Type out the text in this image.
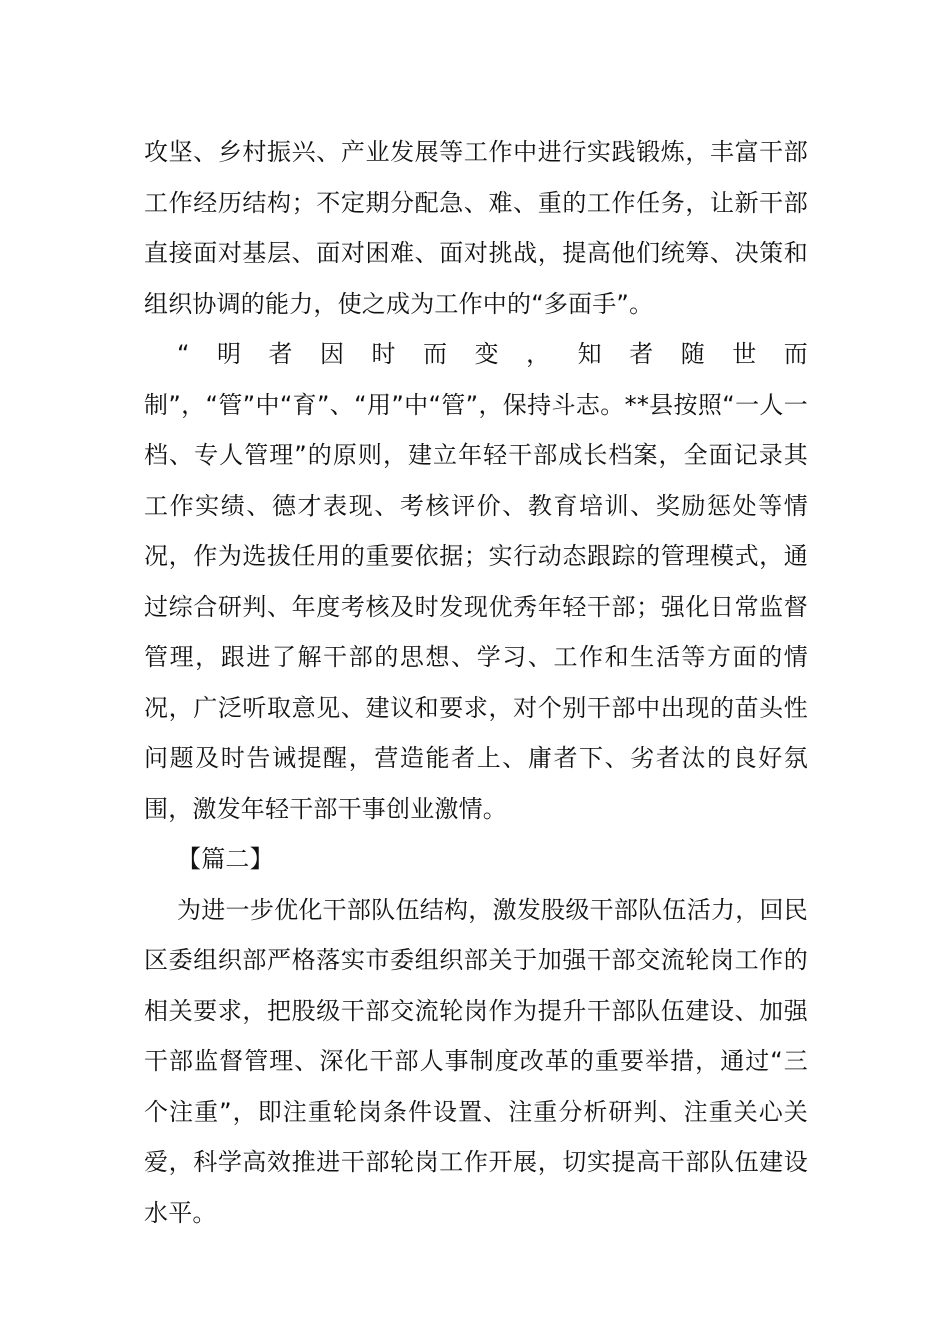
攻坚、乡村振兴、产业发展等工作中进行实践锻炼，丰富干部工作经历结构；不定期分配急、难、重的工作任务，让新干部直接面对基层、面对困难、面对挑战，提高他们统筹、决策和组织协调的能力，使之成为工作中的“多面手”。

“明者因时而变，知者随世而制”，“管”中“育”、“用”中“管”，保持斗志。**县按照“一人一档、专人管理”的原则，建立年轻干部成长档案，全面记录其工作实绩、德才表现、考核评价、教育培训、奖励惩处等情况，作为选拔任用的重要依据；实行动态跟踪的管理模式，通过综合研判、年度考核及时发现优秀年轻干部；强化日常监督管理，跟进了解干部的思想、学习、工作和生活等方面的情况，广泛听取意见、建议和要求，对个别干部中出现的苗头性问题及时告诫提醒，营造能者上、庸者下、劣者汰的良好氛围，激发年轻干部干事创业激情。

【篇二】

为进一步优化干部队伍结构，激发股级干部队伍活力，回民区委组织部严格落实市委组织部关于加强干部交流轮岗工作的相关要求，把股级干部交流轮岗作为提升干部队伍建设、加强干部监督管理、深化干部人事制度改革的重要举措，通过“三个注重”，即注重轮岗条件设置、注重分析研判、注重关心关爱，科学高效推进干部轮岗工作开展，切实提高干部队伍建设水平。
